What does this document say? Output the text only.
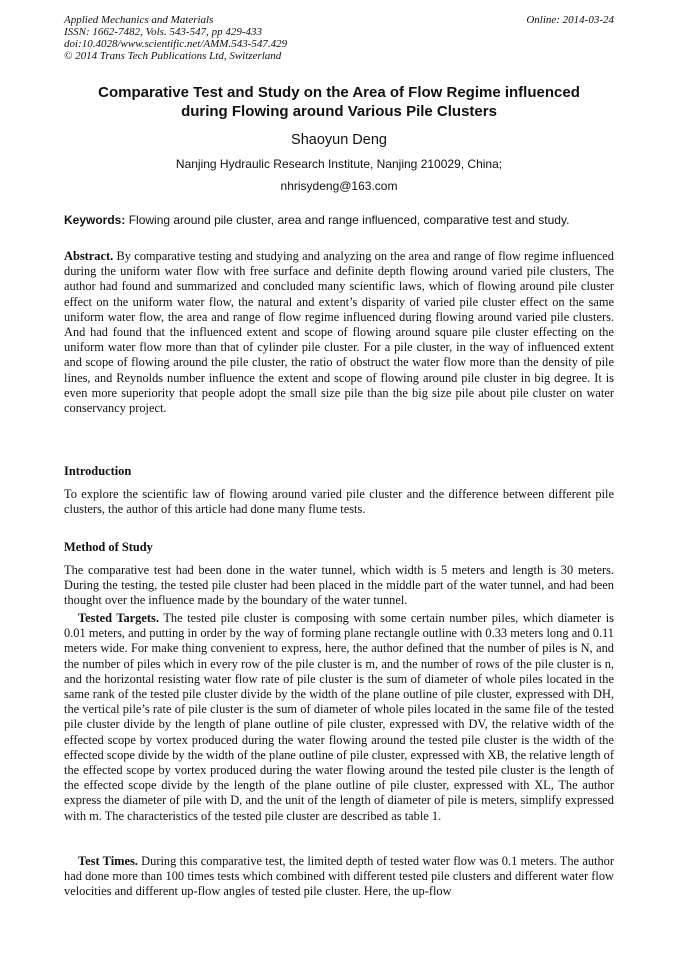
Applied Mechanics and Materials
ISSN: 1662-7482, Vols. 543-547, pp 429-433
doi:10.4028/www.scientific.net/AMM.543-547.429
© 2014 Trans Tech Publications Ltd, Switzerland
Online: 2014-03-24
Comparative Test and Study on the Area of Flow Regime influenced
during Flowing around Various Pile Clusters
Shaoyun Deng
Nanjing Hydraulic Research Institute, Nanjing 210029, China;
nhrisydeng@163.com
Keywords: Flowing around pile cluster, area and range influenced, comparative test and study.
Abstract. By comparative testing and studying and analyzing on the area and range of flow regime influenced during the uniform water flow with free surface and definite depth flowing around varied pile clusters, The author had found and summarized and concluded many scientific laws, which of flowing around pile cluster effect on the uniform water flow, the natural and extent’s disparity of varied pile cluster effect on the same uniform water flow, the area and range of flow regime influenced during flowing around varied pile clusters. And had found that the influenced extent and scope of flowing around square pile cluster effecting on the uniform water flow more than that of cylinder pile cluster. For a pile cluster, in the way of influenced extent and scope of flowing around the pile cluster, the ratio of obstruct the water flow more than the density of pile lines, and Reynolds number influence the extent and scope of flowing around pile cluster in big degree. It is even more superiority that people adopt the small size pile than the big size pile about pile cluster on water conservancy project.
Introduction
To explore the scientific law of flowing around varied pile cluster and the difference between different pile clusters, the author of this article had done many flume tests.
Method of Study
The comparative test had been done in the water tunnel, which width is 5 meters and length is 30 meters. During the testing, the tested pile cluster had been placed in the middle part of the water tunnel, and had been thought over the influence made by the boundary of the water tunnel.
Tested Targets. The tested pile cluster is composing with some certain number piles, which diameter is 0.01 meters, and putting in order by the way of forming plane rectangle outline with 0.33 meters long and 0.11 meters wide. For make thing convenient to express, here, the author defined that the number of piles is N, and the number of piles which in every row of the pile cluster is m, and the number of rows of the pile cluster is n, and the horizontal resisting water flow rate of pile cluster is the sum of diameter of whole piles located in the same rank of the tested pile cluster divide by the width of the plane outline of pile cluster, expressed with DH, the vertical pile’s rate of pile cluster is the sum of diameter of whole piles located in the same file of the tested pile cluster divide by the length of plane outline of pile cluster, expressed with DV, the relative width of the effected scope by vortex produced during the water flowing around the tested pile cluster is the width of the effected scope divide by the width of the plane outline of pile cluster, expressed with XB, the relative length of the effected scope by vortex produced during the water flowing around the tested pile cluster is the length of the effected scope divide by the length of the plane outline of pile cluster, expressed with XL, The author express the diameter of pile with D, and the unit of the length of diameter of pile is meters, simplify expressed with m. The characteristics of the tested pile cluster are described as table 1.
Test Times. During this comparative test, the limited depth of tested water flow was 0.1 meters. The author had done more than 100 times tests which combined with different tested pile clusters and different water flow velocities and different up-flow angles of tested pile cluster. Here, the up-flow
